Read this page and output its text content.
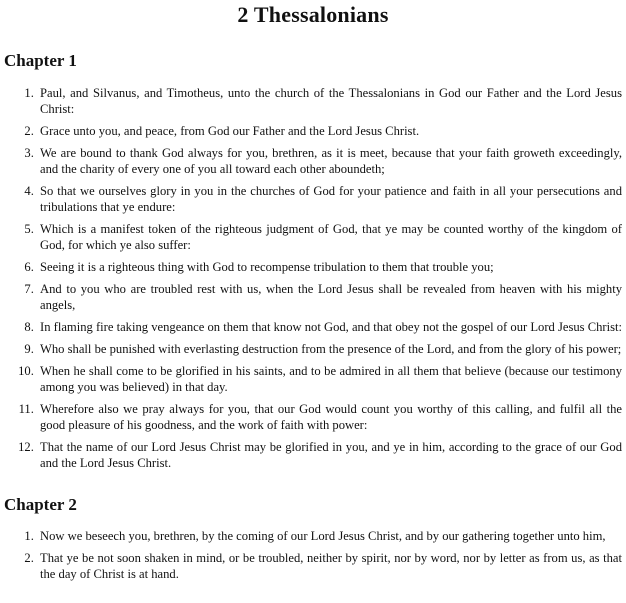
2 Thessalonians
Chapter 1
1. Paul, and Silvanus, and Timotheus, unto the church of the Thessalonians in God our Father and the Lord Jesus Christ:
2. Grace unto you, and peace, from God our Father and the Lord Jesus Christ.
3. We are bound to thank God always for you, brethren, as it is meet, because that your faith groweth exceedingly, and the charity of every one of you all toward each other aboundeth;
4. So that we ourselves glory in you in the churches of God for your patience and faith in all your persecutions and tribulations that ye endure:
5. Which is a manifest token of the righteous judgment of God, that ye may be counted worthy of the kingdom of God, for which ye also suffer:
6. Seeing it is a righteous thing with God to recompense tribulation to them that trouble you;
7. And to you who are troubled rest with us, when the Lord Jesus shall be revealed from heaven with his mighty angels,
8. In flaming fire taking vengeance on them that know not God, and that obey not the gospel of our Lord Jesus Christ:
9. Who shall be punished with everlasting destruction from the presence of the Lord, and from the glory of his power;
10. When he shall come to be glorified in his saints, and to be admired in all them that believe (because our testimony among you was believed) in that day.
11. Wherefore also we pray always for you, that our God would count you worthy of this calling, and fulfil all the good pleasure of his goodness, and the work of faith with power:
12. That the name of our Lord Jesus Christ may be glorified in you, and ye in him, according to the grace of our God and the Lord Jesus Christ.
Chapter 2
1. Now we beseech you, brethren, by the coming of our Lord Jesus Christ, and by our gathering together unto him,
2. That ye be not soon shaken in mind, or be troubled, neither by spirit, nor by word, nor by letter as from us, as that the day of Christ is at hand.
